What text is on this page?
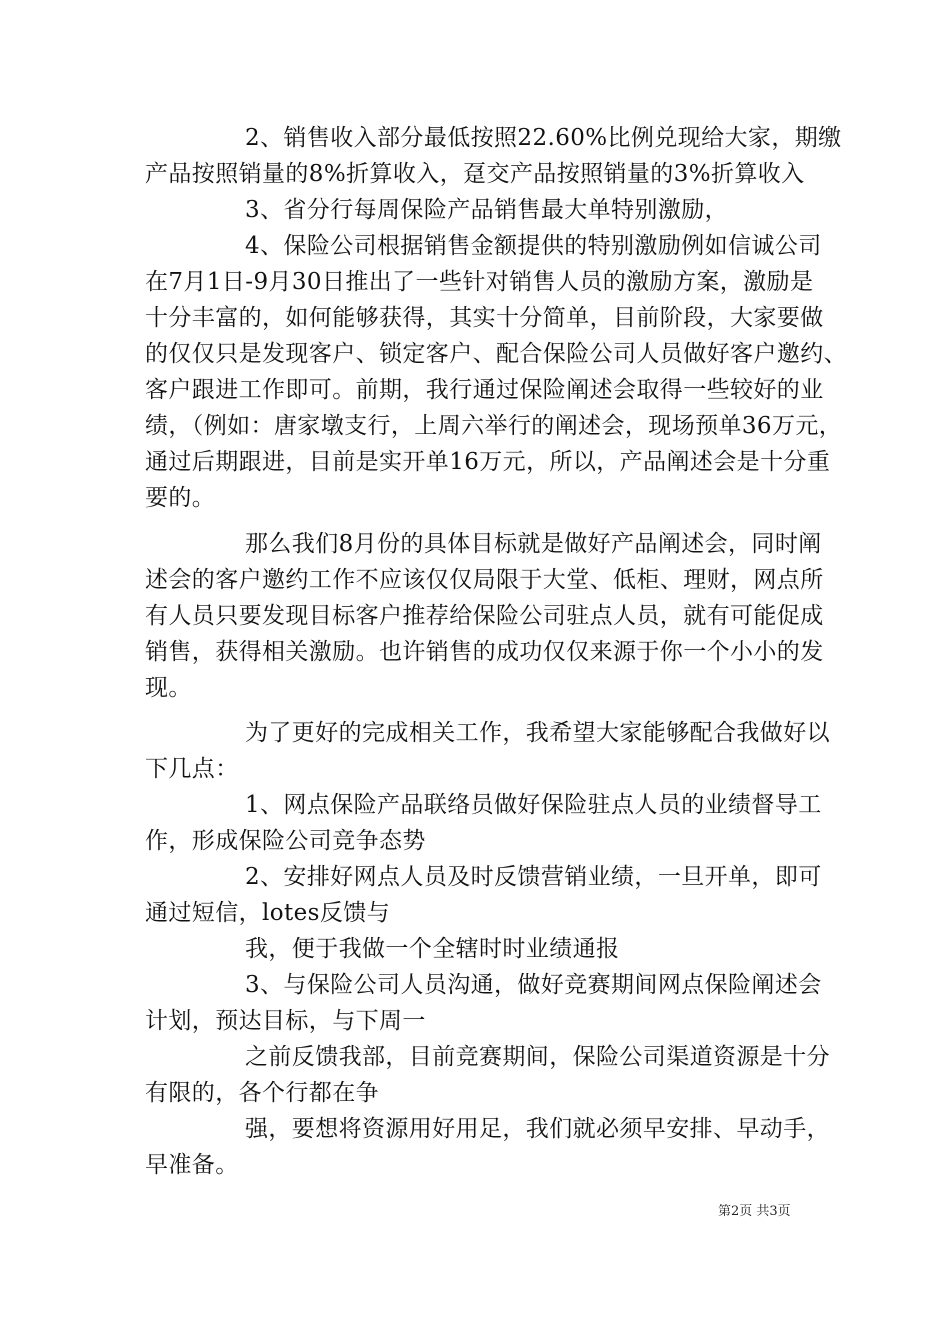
2、销售收入部分最低按照22.60%比例兑现给大家，期缴
产品按照销量的8%折算收入，趸交产品按照销量的3%折算收入
3、省分行每周保险产品销售最大单特别激励，
4、保险公司根据销售金额提供的特别激励例如信诚公司
在7月1日-9月30日推出了一些针对销售人员的激励方案，激励是
十分丰富的，如何能够获得，其实十分简单，目前阶段，大家要做
的仅仅只是发现客户、锁定客户、配合保险公司人员做好客户邀约、
客户跟进工作即可。前期，我行通过保险阐述会取得一些较好的业
绩，（例如：唐家墩支行，上周六举行的阐述会，现场预单36万元，
通过后期跟进，目前是实开单16万元，所以，产品阐述会是十分重
要的。
那么我们8月份的具体目标就是做好产品阐述会，同时阐
述会的客户邀约工作不应该仅仅局限于大堂、低柜、理财，网点所
有人员只要发现目标客户推荐给保险公司驻点人员，就有可能促成
销售，获得相关激励。也许销售的成功仅仅来源于你一个小小的发
现。
为了更好的完成相关工作，我希望大家能够配合我做好以
下几点：
1、网点保险产品联络员做好保险驻点人员的业绩督导工
作，形成保险公司竞争态势
2、安排好网点人员及时反馈营销业绩，一旦开单，即可
通过短信，lotes反馈与
我，便于我做一个全辖时时业绩通报
3、与保险公司人员沟通，做好竞赛期间网点保险阐述会
计划，预达目标，与下周一
之前反馈我部，目前竞赛期间，保险公司渠道资源是十分
有限的，各个行都在争
强，要想将资源用好用足，我们就必须早安排、早动手，
早准备。
第2页 共3页
